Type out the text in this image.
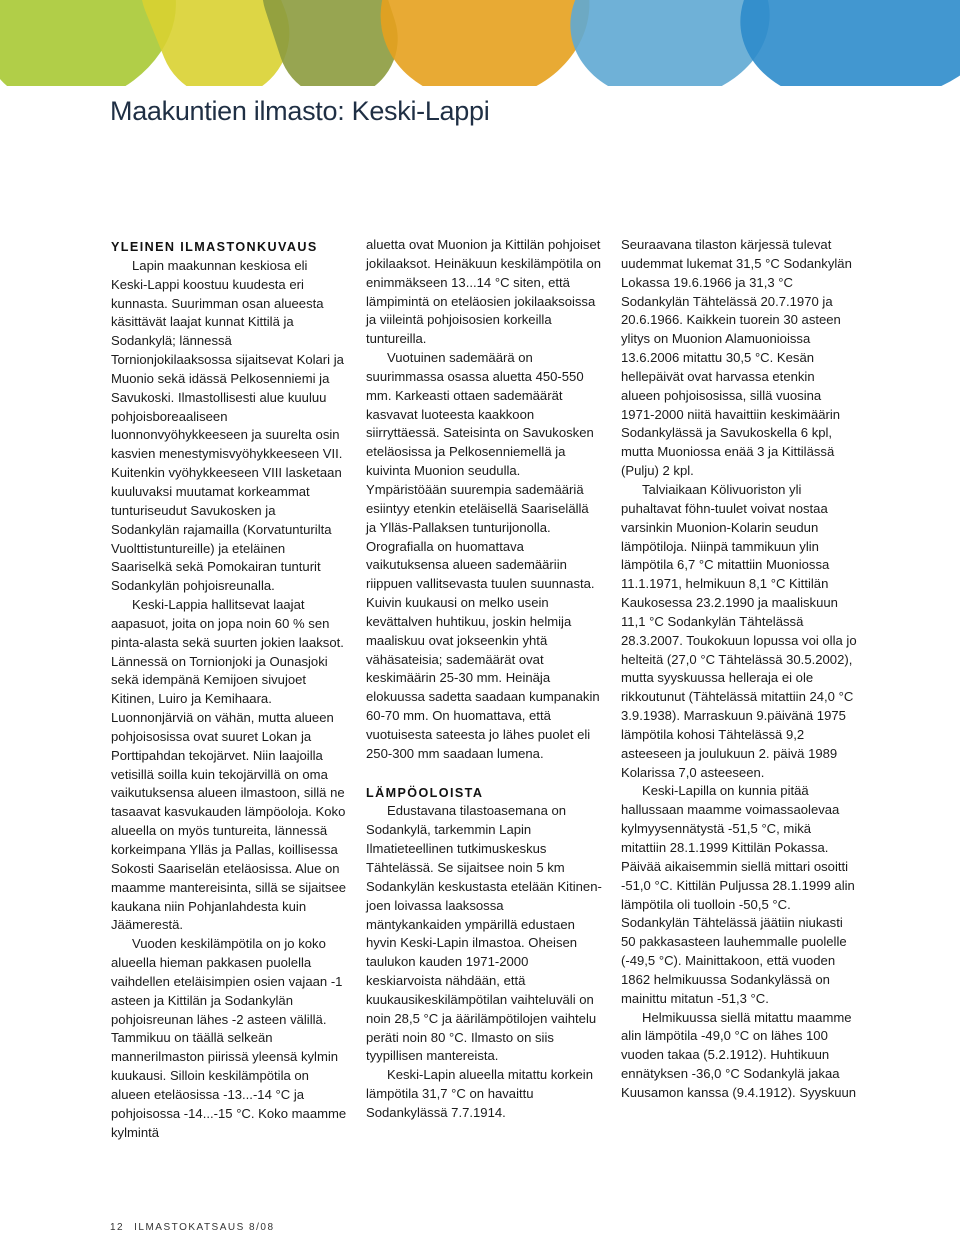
Maakuntien ilmasto: Keski-Lappi

YLEINEN ILMASTONKUVAUS

Lapin maakunnan keskiosa eli Keski-Lappi koostuu kuudesta eri kunnasta. Suurimman osan alueesta käsittävät laajat kunnat Kittilä ja Sodankylä; lännessä Tornionjokilaaksossa sijaitsevat Kolari ja Muonio sekä idässä Pelkosenniemi ja Savukoski. Ilmastollisesti alue kuuluu pohjoisboreaaliseen luonnonvyöhykkeeseen ja suurelta osin kasvien menestymisvyöhykkeeseen VII. Kuitenkin vyöhykkeeseen VIII lasketaan kuuluvaksi muutamat korkeammat tunturiseudut Savukosken ja Sodankylän rajamailla (Korvatunturilta Vuolttistuntureille) ja eteläinen Saariselkä sekä Pomokairan tunturit Sodankylän pohjoisreunalla.

Keski-Lappia hallitsevat laajat aapasuot, joita on jopa noin 60 % sen pinta-alasta sekä suurten jokien laaksot. Lännessä on Tornionjoki ja Ounasjoki sekä idempänä Kemijoen sivujoet Kitinen, Luiro ja Kemihaara. Luonnonjärviä on vähän, mutta alueen pohjoisosissa ovat suuret Lokan ja Porttipahdan tekojärvet. Niin laajoilla vetisillä soilla kuin tekojärvillä on oma vaikutuksensa alueen ilmastoon, sillä ne tasaavat kasvukauden lämpöoloja. Koko alueella on myös tuntureita, lännessä korkeimpana Ylläs ja Pallas, koillisessa Sokosti Saariselän eteläosissa. Alue on maamme mantereisinta, sillä se sijaitsee kaukana niin Pohjanlahdesta kuin Jäämerestä.

Vuoden keskilämpötila on jo koko alueella hieman pakkasen puolella vaihdellen eteläisimpien osien vajaan -1 asteen ja Kittilän ja Sodankylän pohjoisreunan lähes -2 asteen välillä. Tammikuu on täällä selkeän mannerilmaston piirissä yleensä kylmin kuukausi. Silloin keskilämpötila on alueen eteläosissa -13...-14 °C ja pohjoisossa -14...-15 °C. Koko maamme kylmintä

aluetta ovat Muonion ja Kittilän pohjoiset jokilaaksot. Heinäkuun keskilämpötila on enimmäkseen 13...14 °C siten, että lämpimintä on eteläosien jokilaaksoissa ja viileintä pohjoisosien korkeilla tuntureilla.

Vuotuinen sademäärä on suurimmassa osassa aluetta 450-550 mm. Karkeasti ottaen sademäärät kasvavat luoteesta kaakkoon siirryttäessä. Sateisinta on Savukosken eteläosissa ja Pelkosenniemellä ja kuivinta Muonion seudulla. Ympäristöään suurempia sademääriä esiintyy etenkin eteläisellä Saariselällä ja Ylläs-Pallaksen tunturijonolla. Orografialla on huomattava vaikutuksensa alueen sademääriin riippuen vallitsevasta tuulen suunnasta. Kuivin kuukausi on melko usein kevättalven huhtikuu, joskin helmija maaliskuu ovat jokseenkin yhtä vähäsateisia; sademäärät ovat keskimäärin 25-30 mm. Heinäja elokuussa sadetta saadaan kumpanakin 60-70 mm. On huomattava, että vuotuisesta sateesta jo lähes puolet eli 250-300 mm saadaan lumena.

LÄMPÖOLOISTA

Edustavana tilastoasemana on Sodankylä, tarkemmin Lapin Ilmatieteellinen tutkimuskeskus Tähtelässä. Se sijaitsee noin 5 km Sodankylän keskustasta etelään Kitinen-joen loivassa laaksossa mäntykankaiden ympärillä edustaen hyvin Keski-Lapin ilmastoa. Oheisen taulukon kauden 1971-2000 keskiarvoista nähdään, että kuukausikeskilämpötilan vaihteluväli on noin 28,5 °C ja äärilämpötilojen vaihtelu peräti noin 80 °C. Ilmasto on siis tyypillisen mantereista.

Keski-Lapin alueella mitattu korkein lämpötila 31,7 °C on havaittu Sodankylässä 7.7.1914.

Seuraavana tilaston kärjessä tulevat uudemmat lukemat 31,5 °C Sodankylän Lokassa 19.6.1966 ja 31,3 °C Sodankylän Tähtelässä 20.7.1970 ja 20.6.1966. Kaikkein tuorein 30 asteen ylitys on Muonion Alamuonioissa 13.6.2006 mitattu 30,5 °C. Kesän hellepäivät ovat harvassa etenkin alueen pohjoisosissa, sillä vuosina 1971-2000 niitä havaittiin keskimäärin Sodankylässä ja Savukoskella 6 kpl, mutta Muoniossa enää 3 ja Kittilässä (Pulju) 2 kpl.

Talviaikaan Kölivuoriston yli puhaltavat föhn-tuulet voivat nostaa varsinkin Muonion-Kolarin seudun lämpötiloja. Niinpä tammikuun ylin lämpötila 6,7 °C mitattiin Muoniossa 11.1.1971, helmikuun 8,1 °C Kittilän Kaukosessa 23.2.1990 ja maaliskuun 11,1 °C Sodankylän Tähtelässä 28.3.2007. Toukokuun lopussa voi olla jo helteitä (27,0 °C Tähtelässä 30.5.2002), mutta syyskuussa helleraja ei ole rikkoutunut (Tähtelässä mitattiin 24,0 °C 3.9.1938). Marraskuun 9.päivänä 1975 lämpötila kohosi Tähtelässä 9,2 asteeseen ja joulukuun 2. päivä 1989 Kolarissa 7,0 asteeseen.

Keski-Lapilla on kunnia pitää hallussaan maamme voimassaolevaa kylmyysennätystä -51,5 °C, mikä mitattiin 28.1.1999 Kittilän Pokassa. Päivää aikaisemmin siellä mittari osoitti -51,0 °C. Kittilän Puljussa 28.1.1999 alin lämpötila oli tuolloin -50,5 °C. Sodankylän Tähtelässä jäätiin niukasti 50 pakkasasteen lauhemmalle puolelle (-49,5 °C). Mainittakoon, että vuoden 1862 helmikuussa Sodankylässä on mainittu mitatun -51,3 °C.

Helmikuussa siellä mitattu maamme alin lämpötila -49,0 °C on lähes 100 vuoden takaa (5.2.1912). Huhtikuun ennätyksen -36,0 °C Sodankylä jakaa Kuusamon kanssa (9.4.1912). Syyskuun

12 ILMASTOKATSAUS 8/08
